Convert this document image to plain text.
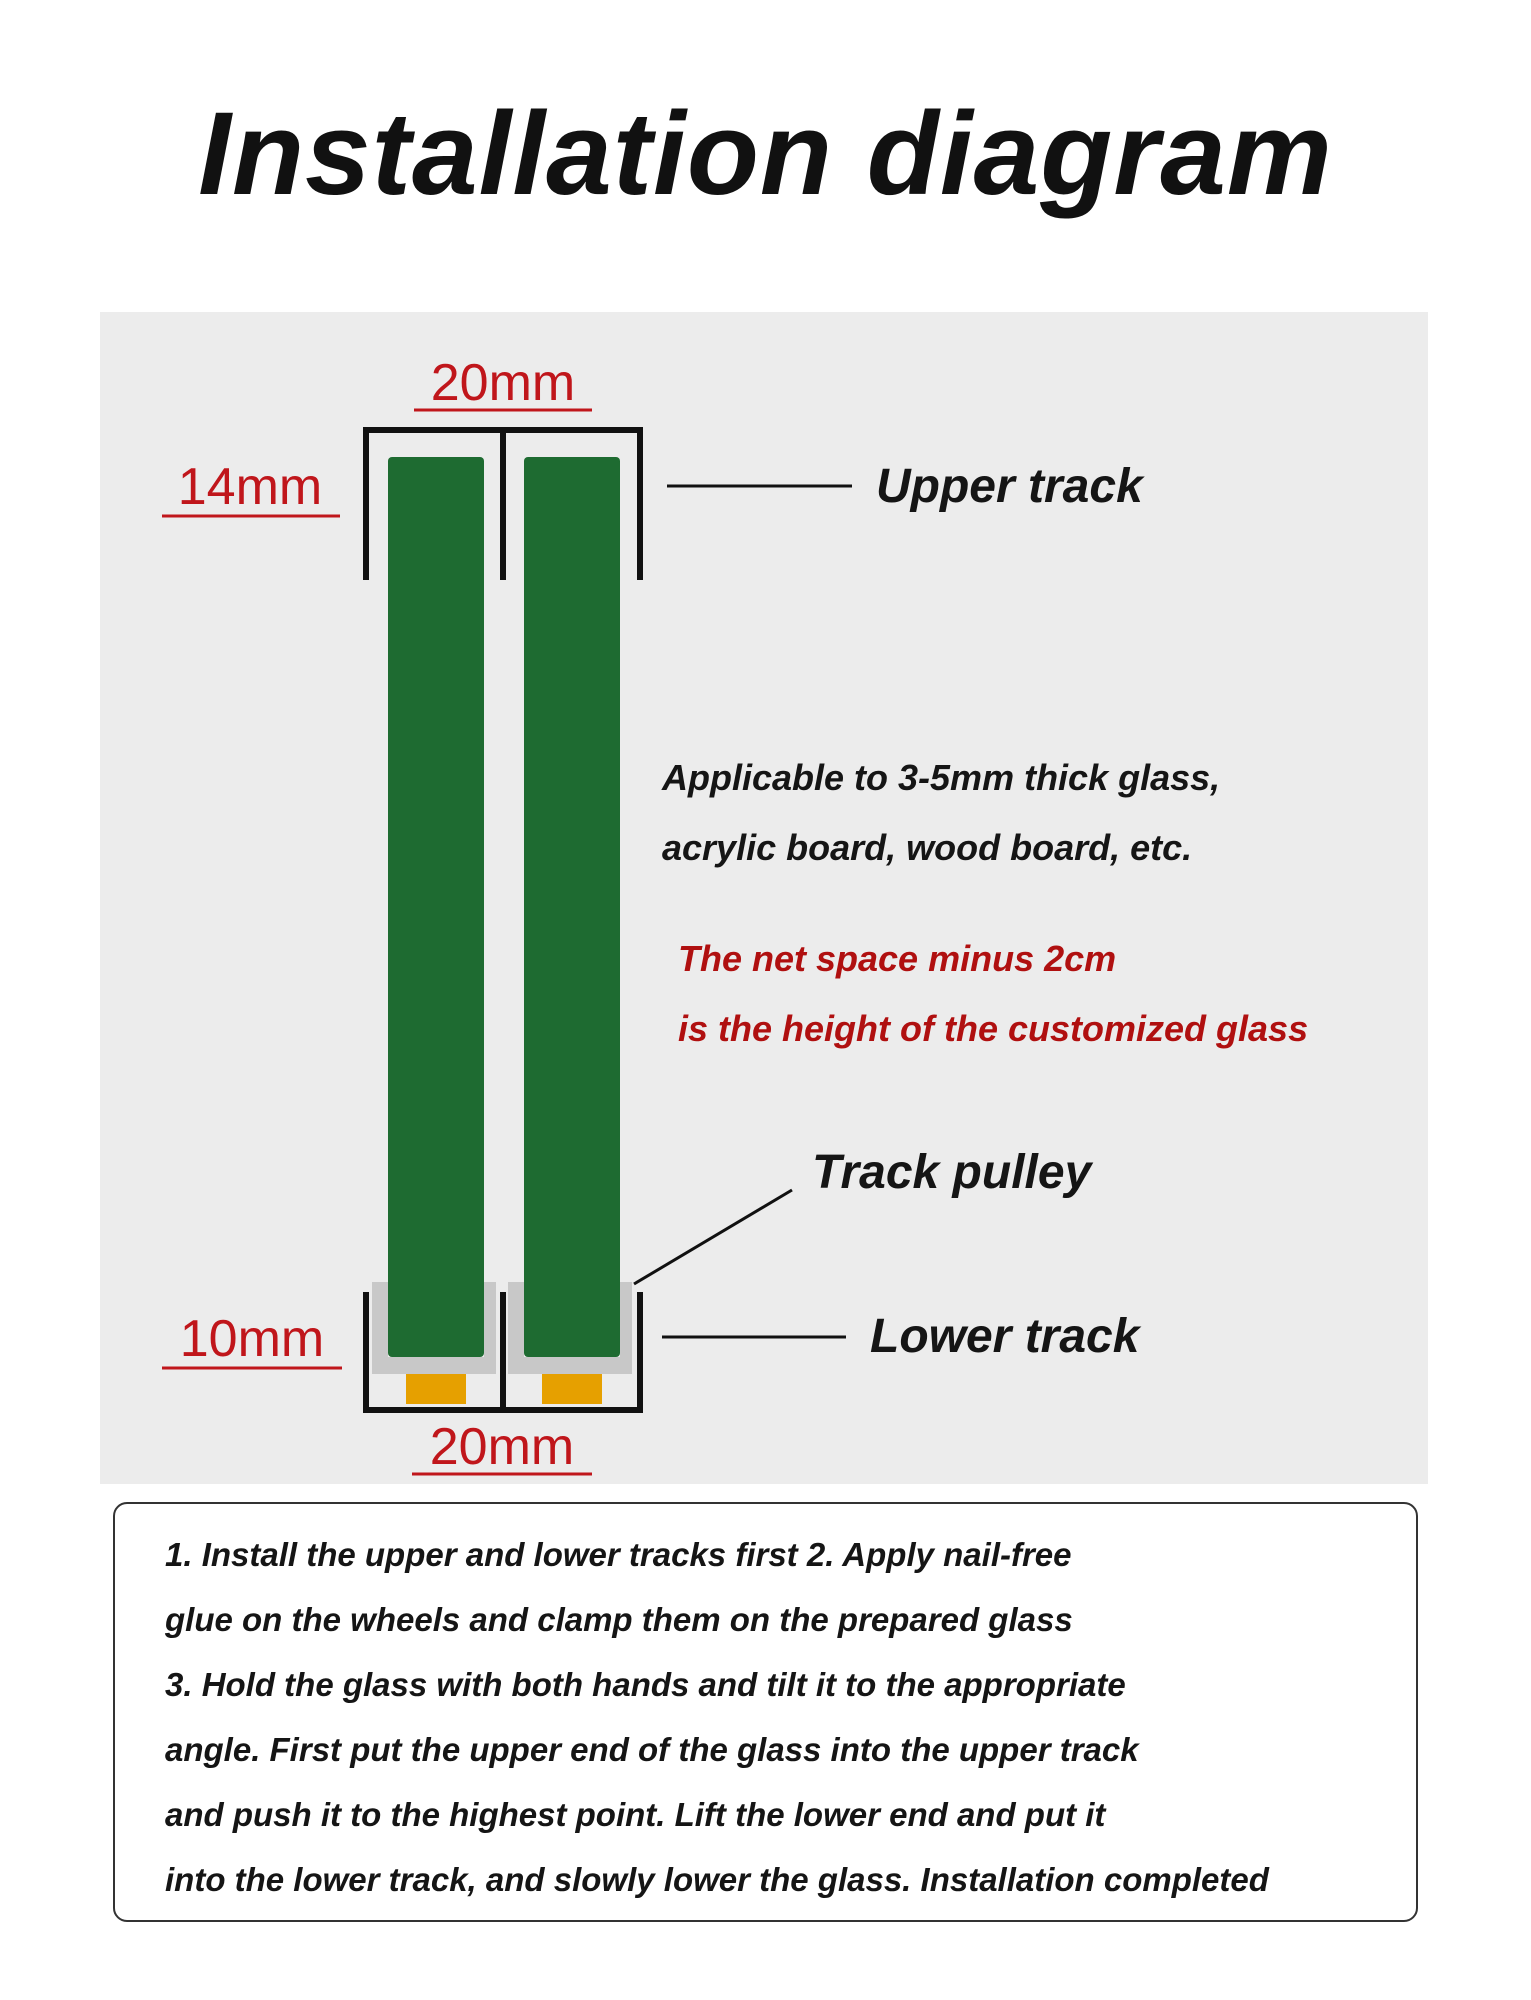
Installation diagram
20mm
14mm
10mm
20mm
Upper track
Track pulley
Lower track
Applicable to 3-5mm thick glass,
acrylic board, wood board, etc.
The net space minus 2cm
is the height of the customized glass
1. Install the upper and lower tracks first 2. Apply nail-free
glue on the wheels and clamp them on the prepared glass
3. Hold the glass with both hands and tilt it to the appropriate
angle. First put the upper end of the glass into the upper track
and push it to the highest point. Lift the lower end and put it
into the lower track, and slowly lower the glass. Installation completed
